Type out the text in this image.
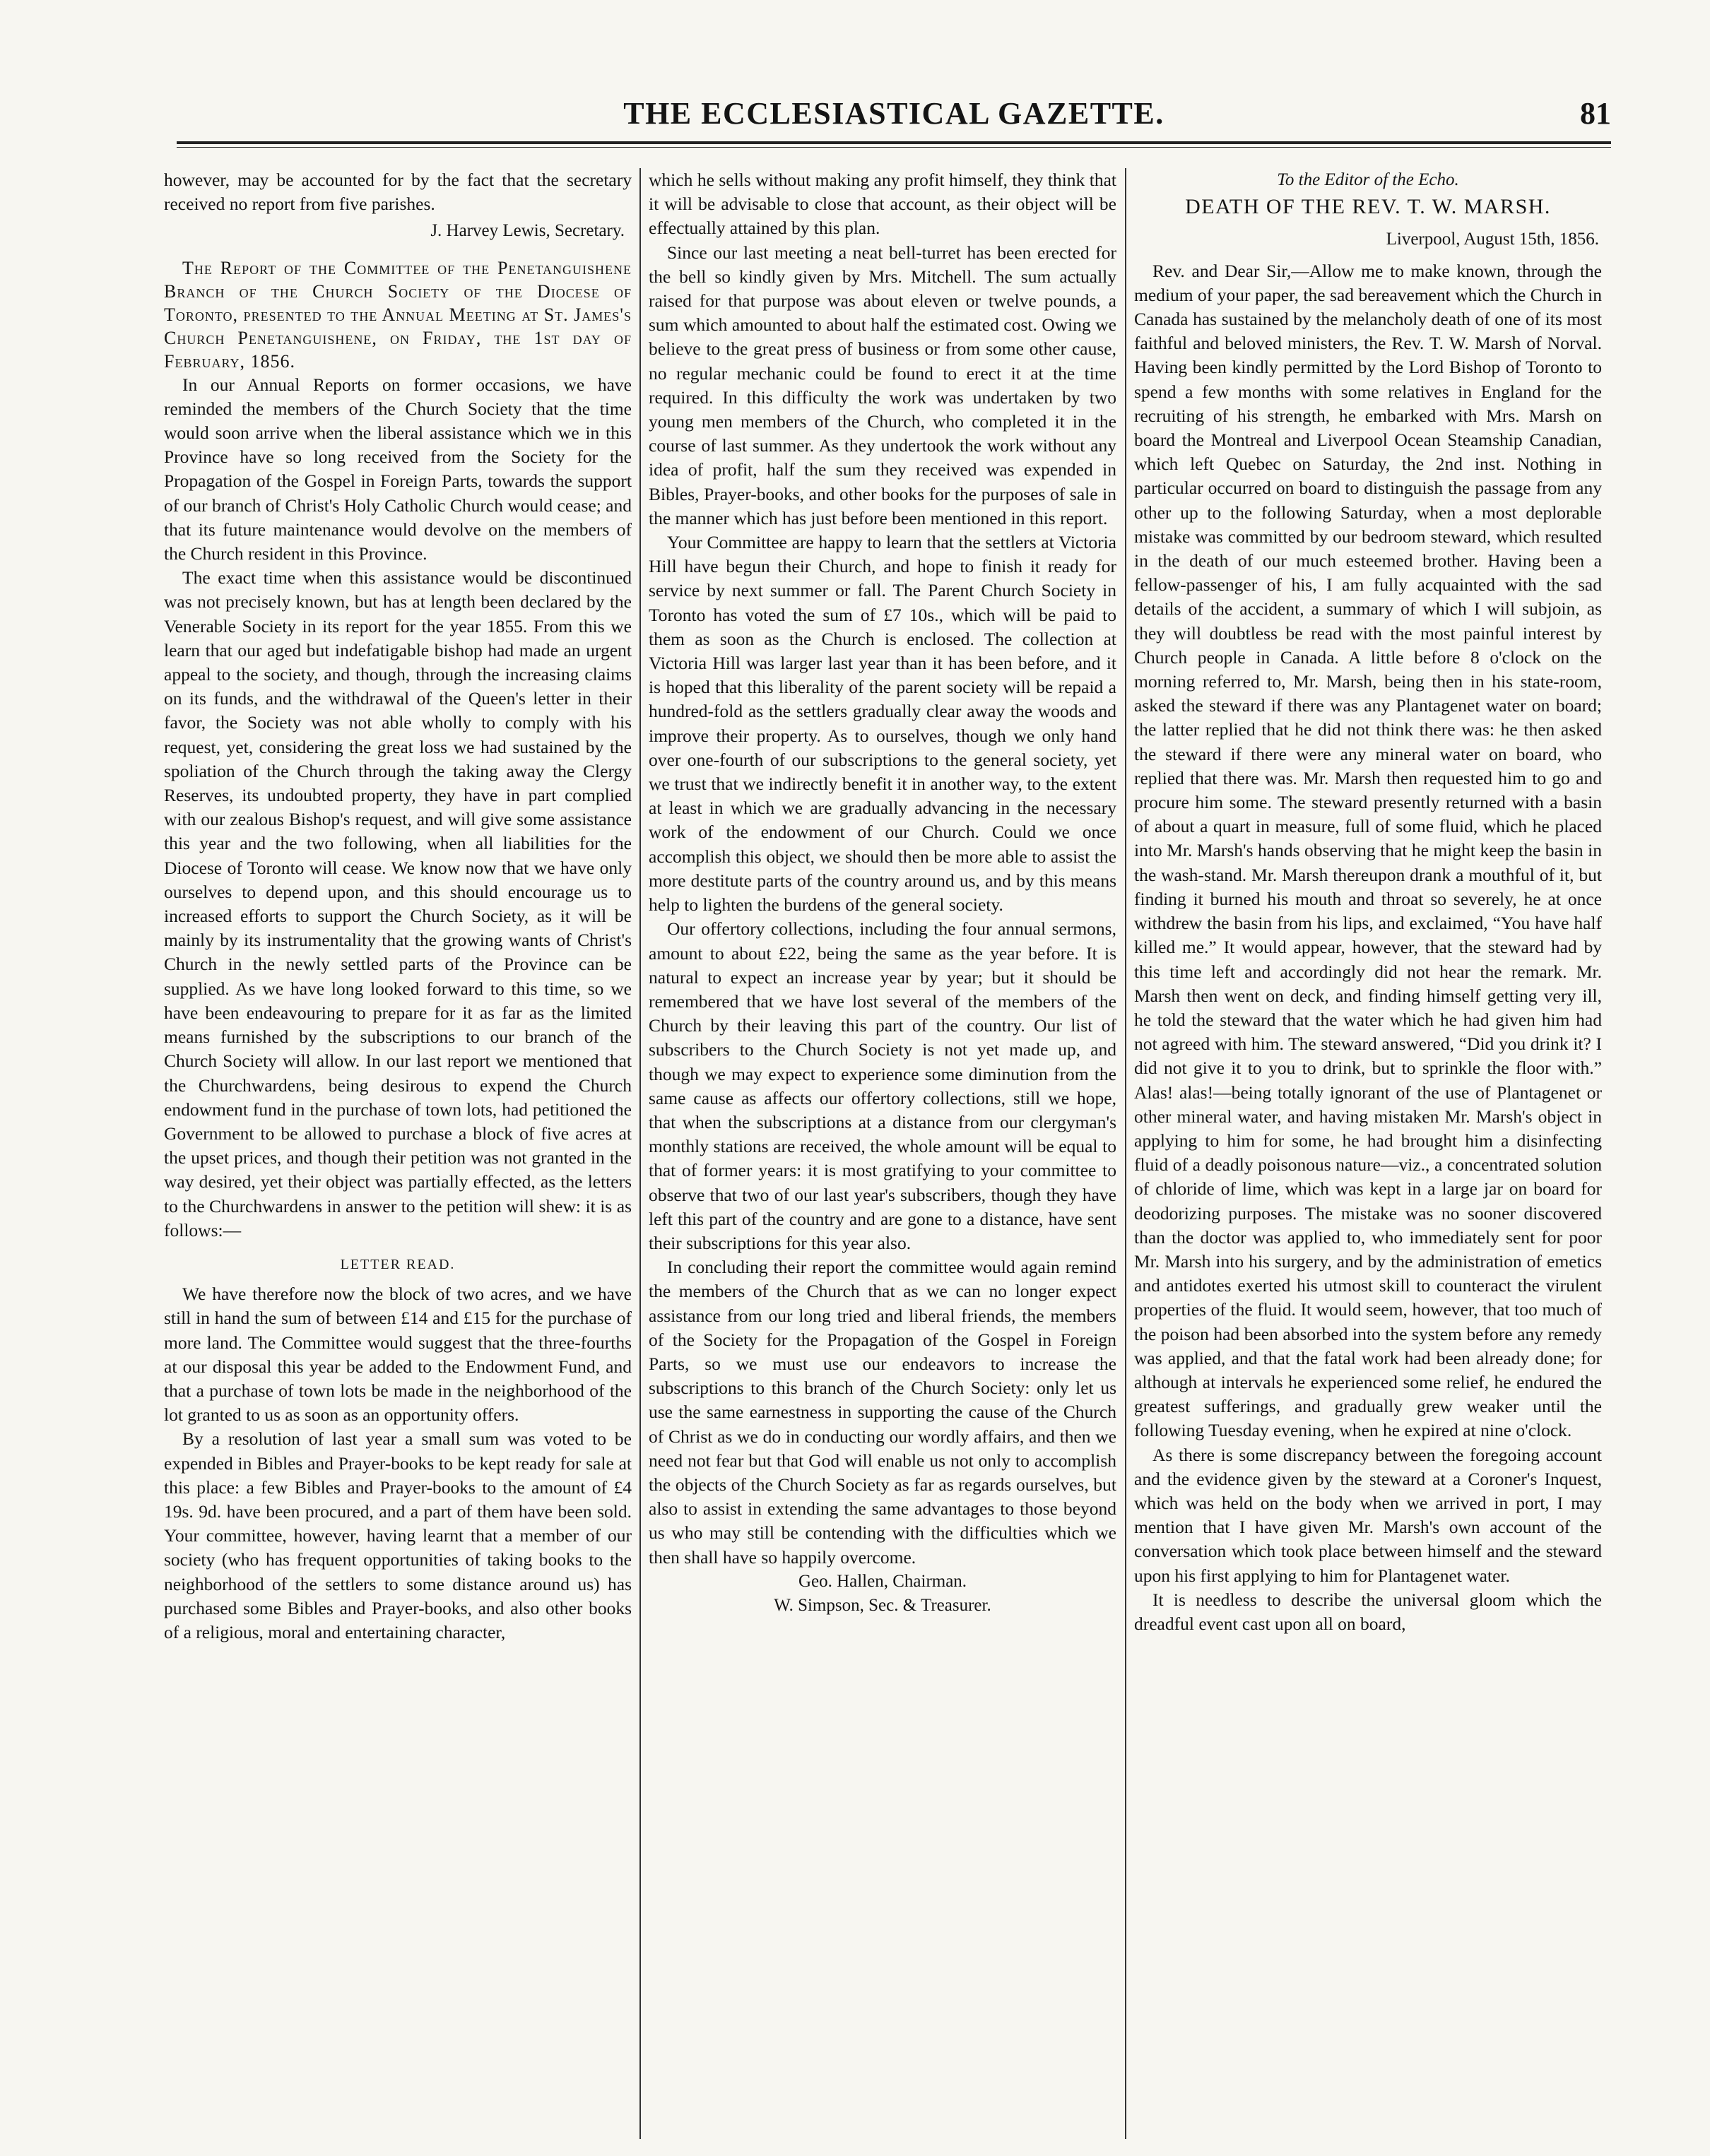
THE ECCLESIASTICAL GAZETTE.	81

however, may be accounted for by the fact that the secretary received no report from five parishes.

J. Harvey Lewis, Secretary.

The Report of the Committee of the Penetanguishene Branch of the Church Society of the Diocese of Toronto, presented to the Annual Meeting at St. James's Church Penetanguishene, on Friday, the 1st day of February, 1856.

In our Annual Reports on former occasions, we have reminded the members of the Church Society that the time would soon arrive when the liberal assistance which we in this Province have so long received from the Society for the Propagation of the Gospel in Foreign Parts, towards the support of our branch of Christ's Holy Catholic Church would cease; and that its future maintenance would devolve on the members of the Church resident in this Province.

The exact time when this assistance would be discontinued was not precisely known, but has at length been declared by the Venerable Society in its report for the year 1855. From this we learn that our aged but indefatigable bishop had made an urgent appeal to the society, and though, through the increasing claims on its funds, and the withdrawal of the Queen's letter in their favor, the Society was not able wholly to comply with his request, yet, considering the great loss we had sustained by the spoliation of the Church through the taking away the Clergy Reserves, its undoubted property, they have in part complied with our zealous Bishop's request, and will give some assistance this year and the two following, when all liabilities for the Diocese of Toronto will cease. We know now that we have only ourselves to depend upon, and this should encourage us to increased efforts to support the Church Society, as it will be mainly by its instrumentality that the growing wants of Christ's Church in the newly settled parts of the Province can be supplied. As we have long looked forward to this time, so we have been endeavouring to prepare for it as far as the limited means furnished by the subscriptions to our branch of the Church Society will allow. In our last report we mentioned that the Churchwardens, being desirous to expend the Church endowment fund in the purchase of town lots, had petitioned the Government to be allowed to purchase a block of five acres at the upset prices, and though their petition was not granted in the way desired, yet their object was partially effected, as the letters to the Churchwardens in answer to the petition will shew: it is as follows:—

LETTER READ.

We have therefore now the block of two acres, and we have still in hand the sum of between £14 and £15 for the purchase of more land. The Committee would suggest that the three-fourths at our disposal this year be added to the Endowment Fund, and that a purchase of town lots be made in the neighborhood of the lot granted to us as soon as an opportunity offers.

By a resolution of last year a small sum was voted to be expended in Bibles and Prayer-books to be kept ready for sale at this place: a few Bibles and Prayer-books to the amount of £4 19s. 9d. have been procured, and a part of them have been sold. Your committee, however, having learnt that a member of our society (who has frequent opportunities of taking books to the neighborhood of the settlers to some distance around us) has purchased some Bibles and Prayer-books, and also other books of a religious, moral and entertaining character,

which he sells without making any profit himself, they think that it will be advisable to close that account, as their object will be effectually attained by this plan.

Since our last meeting a neat bell-turret has been erected for the bell so kindly given by Mrs. Mitchell. The sum actually raised for that purpose was about eleven or twelve pounds, a sum which amounted to about half the estimated cost. Owing we believe to the great press of business or from some other cause, no regular mechanic could be found to erect it at the time required. In this difficulty the work was undertaken by two young men members of the Church, who completed it in the course of last summer. As they undertook the work without any idea of profit, half the sum they received was expended in Bibles, Prayer-books, and other books for the purposes of sale in the manner which has just before been mentioned in this report.

Your Committee are happy to learn that the settlers at Victoria Hill have begun their Church, and hope to finish it ready for service by next summer or fall. The Parent Church Society in Toronto has voted the sum of £7 10s., which will be paid to them as soon as the Church is enclosed. The collection at Victoria Hill was larger last year than it has been before, and it is hoped that this liberality of the parent society will be repaid a hundred-fold as the settlers gradually clear away the woods and improve their property. As to ourselves, though we only hand over one-fourth of our subscriptions to the general society, yet we trust that we indirectly benefit it in another way, to the extent at least in which we are gradually advancing in the necessary work of the endowment of our Church. Could we once accomplish this object, we should then be more able to assist the more destitute parts of the country around us, and by this means help to lighten the burdens of the general society.

Our offertory collections, including the four annual sermons, amount to about £22, being the same as the year before. It is natural to expect an increase year by year; but it should be remembered that we have lost several of the members of the Church by their leaving this part of the country. Our list of subscribers to the Church Society is not yet made up, and though we may expect to experience some diminution from the same cause as affects our offertory collections, still we hope, that when the subscriptions at a distance from our clergyman's monthly stations are received, the whole amount will be equal to that of former years: it is most gratifying to your committee to observe that two of our last year's subscribers, though they have left this part of the country and are gone to a distance, have sent their subscriptions for this year also.

In concluding their report the committee would again remind the members of the Church that as we can no longer expect assistance from our long tried and liberal friends, the members of the Society for the Propagation of the Gospel in Foreign Parts, so we must use our endeavors to increase the subscriptions to this branch of the Church Society: only let us use the same earnestness in supporting the cause of the Church of Christ as we do in conducting our wordly affairs, and then we need not fear but that God will enable us not only to accomplish the objects of the Church Society as far as regards ourselves, but also to assist in extending the same advantages to those beyond us who may still be contending with the difficulties which we then shall have so happily overcome.

Geo. Hallen, Chairman.
W. Simpson, Sec. & Treasurer.
To the Editor of the Echo.
DEATH OF THE REV. T. W. MARSH.
Liverpool, August 15th, 1856.

Rev. and Dear Sir,—Allow me to make known, through the medium of your paper, the sad bereavement which the Church in Canada has sustained by the melancholy death of one of its most faithful and beloved ministers, the Rev. T. W. Marsh of Norval. Having been kindly permitted by the Lord Bishop of Toronto to spend a few months with some relatives in England for the recruiting of his strength, he embarked with Mrs. Marsh on board the Montreal and Liverpool Ocean Steamship Canadian, which left Quebec on Saturday, the 2nd inst. Nothing in particular occurred on board to distinguish the passage from any other up to the following Saturday, when a most deplorable mistake was committed by our bedroom steward, which resulted in the death of our much esteemed brother. Having been a fellow-passenger of his, I am fully acquainted with the sad details of the accident, a summary of which I will subjoin, as they will doubtless be read with the most painful interest by Church people in Canada. A little before 8 o'clock on the morning referred to, Mr. Marsh, being then in his state-room, asked the steward if there was any Plantagenet water on board; the latter replied that he did not think there was: he then asked the steward if there were any mineral water on board, who replied that there was. Mr. Marsh then requested him to go and procure him some. The steward presently returned with a basin of about a quart in measure, full of some fluid, which he placed into Mr. Marsh's hands observing that he might keep the basin in the wash-stand. Mr. Marsh thereupon drank a mouthful of it, but finding it burned his mouth and throat so severely, he at once withdrew the basin from his lips, and exclaimed, “You have half killed me.” It would appear, however, that the steward had by this time left and accordingly did not hear the remark. Mr. Marsh then went on deck, and finding himself getting very ill, he told the steward that the water which he had given him had not agreed with him. The steward answered, “Did you drink it? I did not give it to you to drink, but to sprinkle the floor with.” Alas! alas!—being totally ignorant of the use of Plantagenet or other mineral water, and having mistaken Mr. Marsh's object in applying to him for some, he had brought him a disinfecting fluid of a deadly poisonous nature—viz., a concentrated solution of chloride of lime, which was kept in a large jar on board for deodorizing purposes. The mistake was no sooner discovered than the doctor was applied to, who immediately sent for poor Mr. Marsh into his surgery, and by the administration of emetics and antidotes exerted his utmost skill to counteract the virulent properties of the fluid. It would seem, however, that too much of the poison had been absorbed into the system before any remedy was applied, and that the fatal work had been already done; for although at intervals he experienced some relief, he endured the greatest sufferings, and gradually grew weaker until the following Tuesday evening, when he expired at nine o'clock.

As there is some discrepancy between the foregoing account and the evidence given by the steward at a Coroner's Inquest, which was held on the body when we arrived in port, I may mention that I have given Mr. Marsh's own account of the conversation which took place between himself and the steward upon his first applying to him for Plantagenet water.

It is needless to describe the universal gloom which the dreadful event cast upon all on board,
